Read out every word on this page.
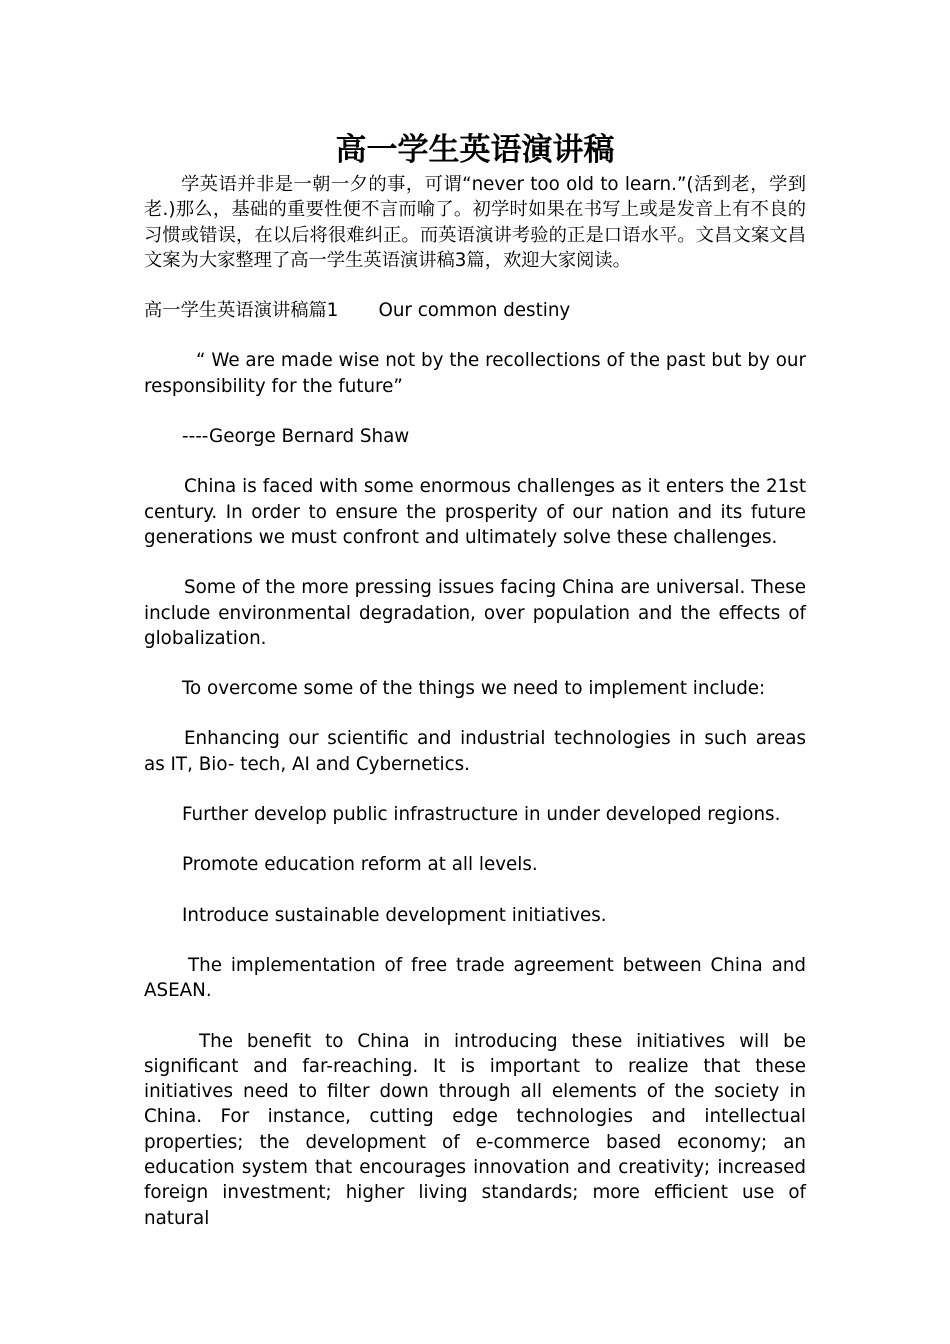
高一学生英语演讲稿

学英语并非是一朝一夕的事，可谓“never too old to learn.”(活到老，学到老.)那么，基础的重要性便不言而喻了。初学时如果在书写上或是发音上有不良的习惯或错误，在以后将很难纠正。而英语演讲考验的正是口语水平。文昌文案文昌文案为大家整理了高一学生英语演讲稿3篇，欢迎大家阅读。

高一学生英语演讲稿篇1 Our common destiny

“ We are made wise not by the recollections of the past but by our responsibility for the future”

----George Bernard Shaw

China is faced with some enormous challenges as it enters the 21st century. In order to ensure the prosperity of our nation and its future generations we must confront and ultimately solve these challenges.

Some of the more pressing issues facing China are universal. These include environmental degradation, over population and the effects of globalization.

To overcome some of the things we need to implement include:

Enhancing our scientific and industrial technologies in such areas as IT, Bio- tech, AI and Cybernetics.

Further develop public infrastructure in under developed regions.

Promote education reform at all levels.

Introduce sustainable development initiatives.

The implementation of free trade agreement between China and ASEAN.

The benefit to China in introducing these initiatives will be significant and far-reaching. It is important to realize that these initiatives need to filter down through all elements of the society in China. For instance, cutting edge technologies and intellectual properties; the development of e-commerce based economy; an education system that encourages innovation and creativity; increased foreign investment; higher living standards; more efficient use of natural
